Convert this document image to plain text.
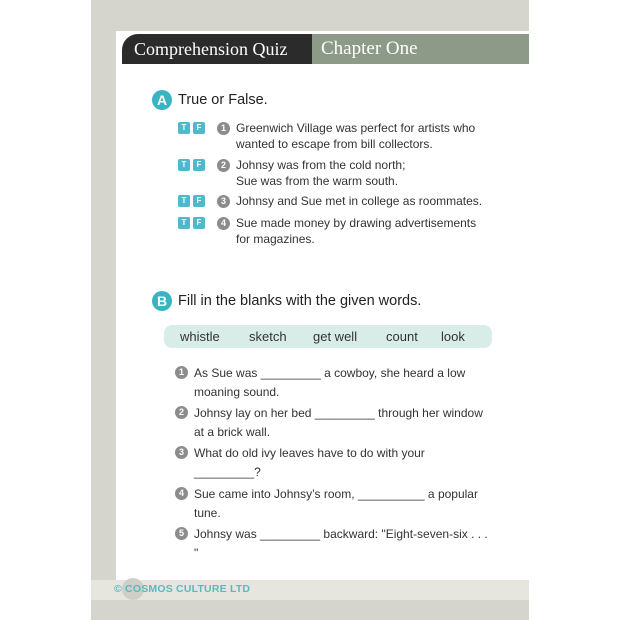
Comprehension Quiz	Chapter One
A True or False.
T	F	1 Greenwich Village was perfect for artists who
wanted to escape from bill collectors.
T	F	2 Johnsy was from the cold north;
Sue was from the warm south.
T	F	3 Johnsy and Sue met in college as roommates.
T	F	4 Sue made money by drawing advertisements
for magazines.
B Fill in the blanks with the given words.
whistle sketch get well count look
1 As Sue was _________ a cowboy, she heard a low
moaning sound.
2 Johnsy lay on her bed _________ through her window
at a brick wall.
3 What do old ivy leaves have to do with your
_________?
4 Sue came into Johnsy’s room, __________ a popular
tune.
5 Johnsy was _________ backward: "Eight-seven-six . . . "
© COSMOS CULTURE LTD
